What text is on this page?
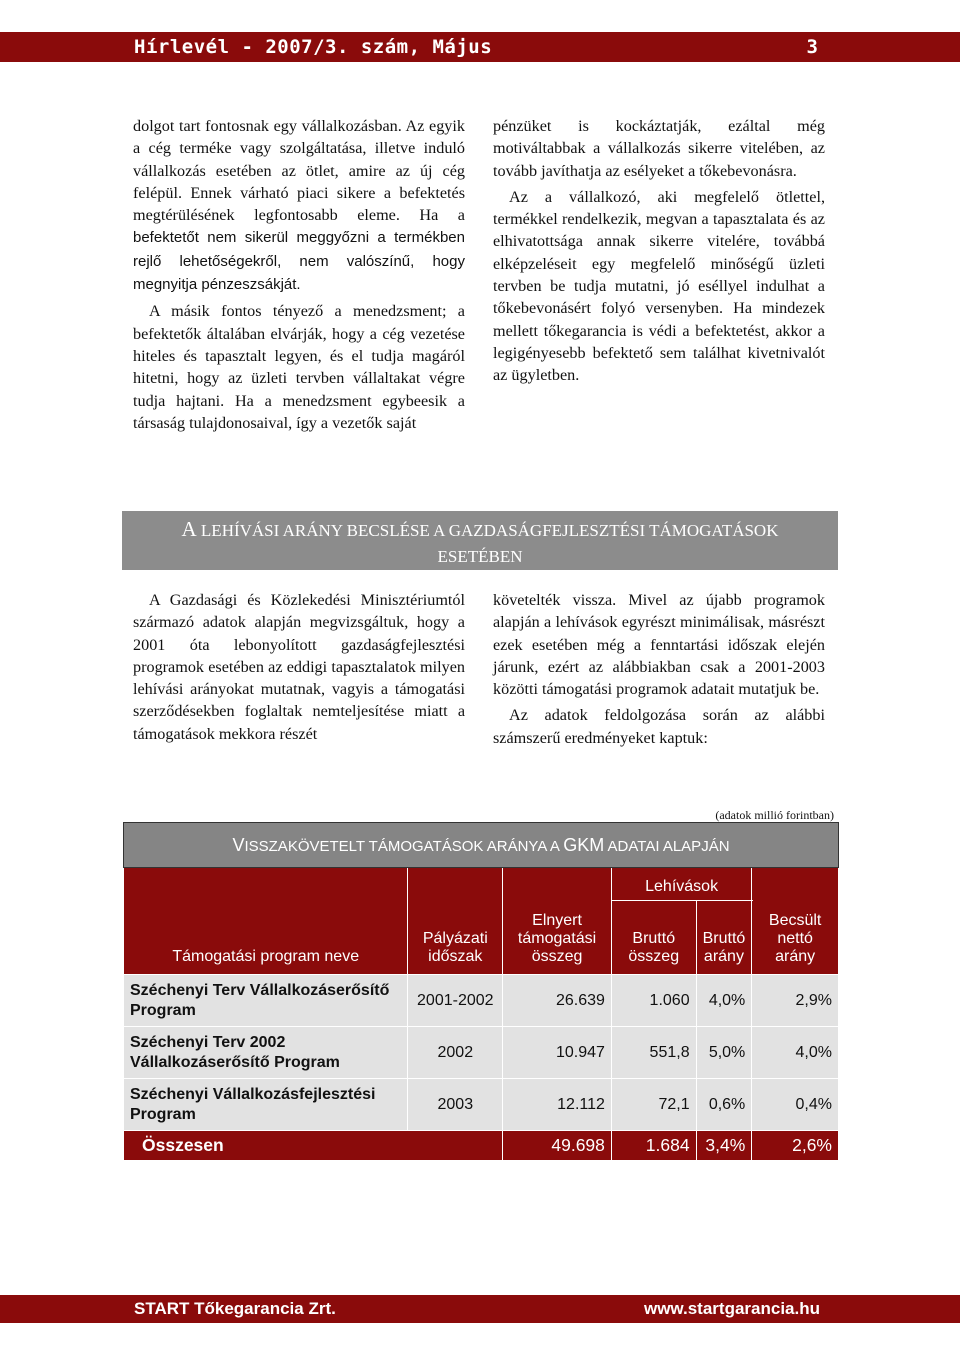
Hírlevél - 2007/3. szám, Május	3

dolgot tart fontosnak egy vállalkozásban. Az egyik a cég terméke vagy szolgáltatása, illetve induló vállalkozás esetében az ötlet, amire az új cég felépül. Ennek várható piaci sikere a befektetés megtérülésének legfontosabb eleme. Ha a befektetőt nem sikerül meggyőzni a termékben rejlő lehetőségekről, nem valószínű, hogy megnyitja pénzeszsákját.

A másik fontos tényező a menedzsment; a befektetők általában elvárják, hogy a cég vezetése hiteles és tapasztalt legyen, és el tudja magáról hitetni, hogy az üzleti tervben vállaltakat végre tudja hajtani. Ha a menedzsment egybeesik a társaság tulajdonosaival, így a vezetők saját

pénzüket is kockáztatják, ezáltal még motiváltabbak a vállalkozás sikerre vitelében, az tovább javíthatja az esélyeket a tőkebevonásra.

Az a vállalkozó, aki megfelelő ötlettel, termékkel rendelkezik, megvan a tapasztalata és az elhivatottsága annak sikerre vitelére, továbbá elképzeléseit egy megfelelő minőségű üzleti tervben be tudja mutatni, jó eséllyel indulhat a tőkebevonásért folyó versenyben. Ha mindezek mellett tőkegarancia is védi a befektetést, akkor a legigényesebb befektető sem találhat kivetnivalót az ügyletben.

A LEHÍVÁSI ARÁNY BECSLÉSE A GAZDASÁGFEJLESZTÉSI TÁMOGATÁSOK
ESETÉBEN

A Gazdasági és Közlekedési Minisztériumtól származó adatok alapján megvizsgáltuk, hogy a 2001 óta lebonyolított gazdaságfejlesztési programok esetében az eddigi tapasztalatok milyen lehívási arányokat mutatnak, vagyis a támogatási szerződésekben foglaltak nemteljesítése miatt a támogatások mekkora részét

követelték vissza. Mivel az újabb programok alapján a lehívások egyrészt minimálisak, másrészt ezek esetében még a fenntartási időszak elején járunk, ezért az alábbiakban csak a 2001-2003 közötti támogatási programok adatait mutatjuk be.

Az adatok feldolgozása során az alábbi számszerű eredményeket kaptuk:

(adatok millió forintban)
VISSZAKÖVETELT TÁMOGATÁSOK ARÁNYA A GKM ADATAI ALAPJÁN					
Támogatási program neve	Pályázati időszak	Elnyert támogatási összeg	Lehívások		Becsült nettó arány
			Bruttó összeg	Bruttó arány	
Széchenyi Terv Vállalkozáserősítő Program	2001-2002	26.639	1.060	4,0%	2,9%
Széchenyi Terv 2002 Vállalkozáserősítő Program	2002	10.947	551,8	5,0%	4,0%
Széchenyi Vállalkozásfejlesztési Program	2003	12.112	72,1	0,6%	0,4%
Összesen		49.698	1.684	3,4%	2,6%
START Tőkegarancia Zrt.	www.startgarancia.hu
